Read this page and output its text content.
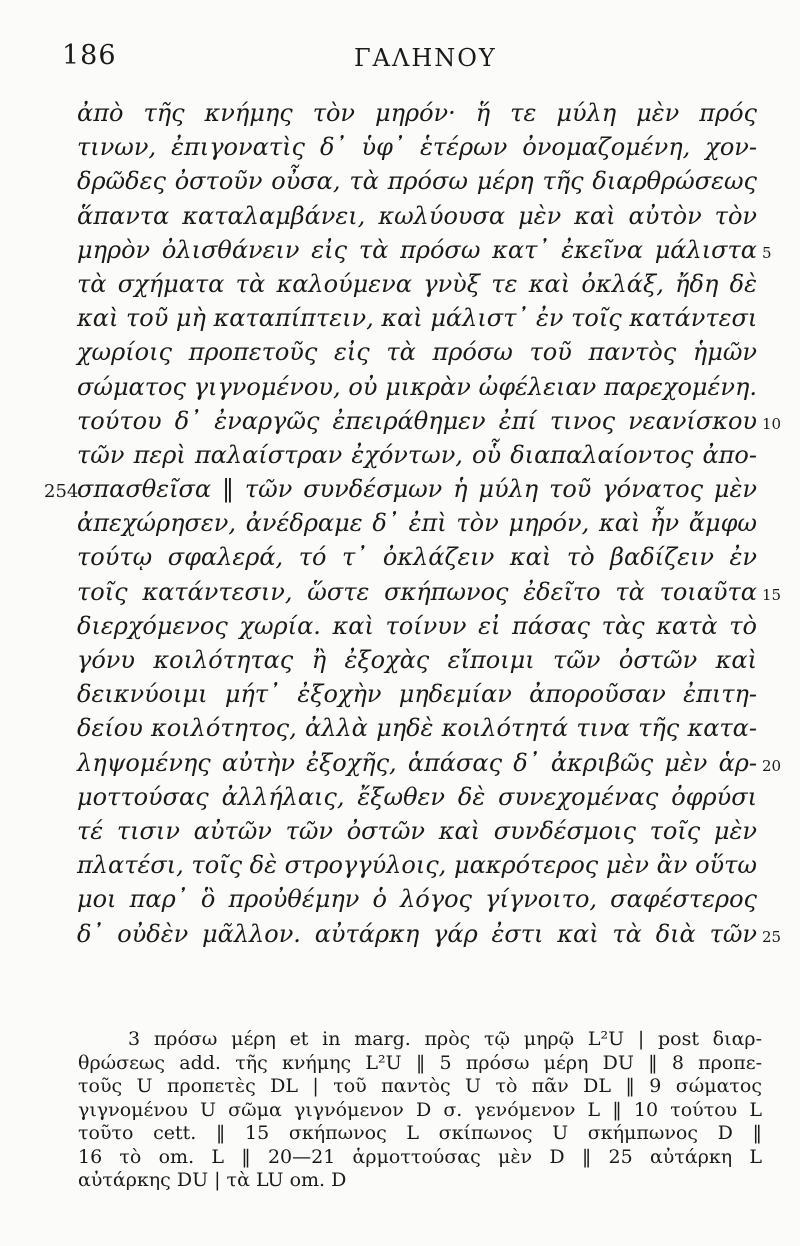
186	ΓΑΛΗΝΟΥ
ἀπὸ τῆς κνήμης τὸν μηρόν· ἥ τε μύλη μὲν πρός
τινων, ἐπιγονατὶς δ᾽ ὑφ᾽ ἑτέρων ὀνομαζομένη, χον-
δρῶδες ὀστοῦν οὖσα, τὰ πρόσω μέρη τῆς διαρθρώσεως
ἅπαντα καταλαμβάνει, κωλύουσα μὲν καὶ αὐτὸν τὸν
μηρὸν ὀλισθάνειν εἰς τὰ πρόσω κατ᾽ ἐκεῖνα μάλιστα 5
τὰ σχήματα τὰ καλούμενα γνὺξ τε καὶ ὀκλάξ, ἤδη δὲ
καὶ τοῦ μὴ καταπίπτειν, καὶ μάλιστ᾽ ἐν τοῖς κατάντεσι
χωρίοις προπετοῦς εἰς τὰ πρόσω τοῦ παντὸς ἡμῶν
σώματος γιγνομένου, οὐ μικρὰν ὠφέλειαν παρεχομένη.
τούτου δ᾽ ἐναργῶς ἐπειράθημεν ἐπί τινος νεανίσκου 10
τῶν περὶ παλαίστραν ἐχόντων, οὗ διαπαλαίοντος ἀπο-
254
σπασθεῖσα ‖ τῶν συνδέσμων ἡ μύλη τοῦ γόνατος μὲν
ἀπεχώρησεν, ἀνέδραμε δ᾽ ἐπὶ τὸν μηρόν, καὶ ἦν ἄμφω
τούτῳ σφαλερά, τό τ᾽ ὀκλάζειν καὶ τὸ βαδίζειν ἐν
τοῖς κατάντεσιν, ὥστε σκήπωνος ἐδεῖτο τὰ τοιαῦτα 15
διερχόμενος χωρία. καὶ τοίνυν εἰ πάσας τὰς κατὰ τὸ
γόνυ κοιλότητας ἢ ἐξοχὰς εἴποιμι τῶν ὀστῶν καὶ
δεικνύοιμι μήτ᾽ ἐξοχὴν μηδεμίαν ἀποροῦσαν ἐπιτη-
δείου κοιλότητος, ἀλλὰ μηδὲ κοιλότητά τινα τῆς κατα-
ληψομένης αὐτὴν ἐξοχῆς, ἁπάσας δ᾽ ἀκριβῶς μὲν ἁρ- 20
μοττούσας ἀλλήλαις, ἔξωθεν δὲ συνεχομένας ὀφρύσι
τέ τισιν αὐτῶν τῶν ὀστῶν καὶ συνδέσμοις τοῖς μὲν
πλατέσι, τοῖς δὲ στρογγύλοις, μακρότερος μὲν ἂν οὕτω
μοι παρ᾽ ὃ προὐθέμην ὁ λόγος γίγνοιτο, σαφέστερος
δ᾽ οὐδὲν μᾶλλον. αὐτάρκη γάρ ἐστι καὶ τὰ διὰ τῶν 25
3 πρόσω μέρη et in marg. πρὸς τῷ μηρῷ L²U | post διαρ-
θρώσεως add. τῆς κνήμης L²U ‖ 5 πρόσω μέρη DU ‖ 8 προπε-
τοῦς U προπετὲς DL | τοῦ παντὸς U τὸ πᾶν DL ‖ 9 σώματος
γιγνομένου U σῶμα γιγνόμενον D σ. γενόμενον L ‖ 10 τούτου L
τοῦτο cett. ‖ 15 σκήπωνος L σκίπωνος U σκήμπωνος D ‖
16 τὸ om. L ‖ 20—21 ἁρμοττούσας μὲν D ‖ 25 αὐτάρκη L
αὐτάρκης DU | τὰ LU om. D
